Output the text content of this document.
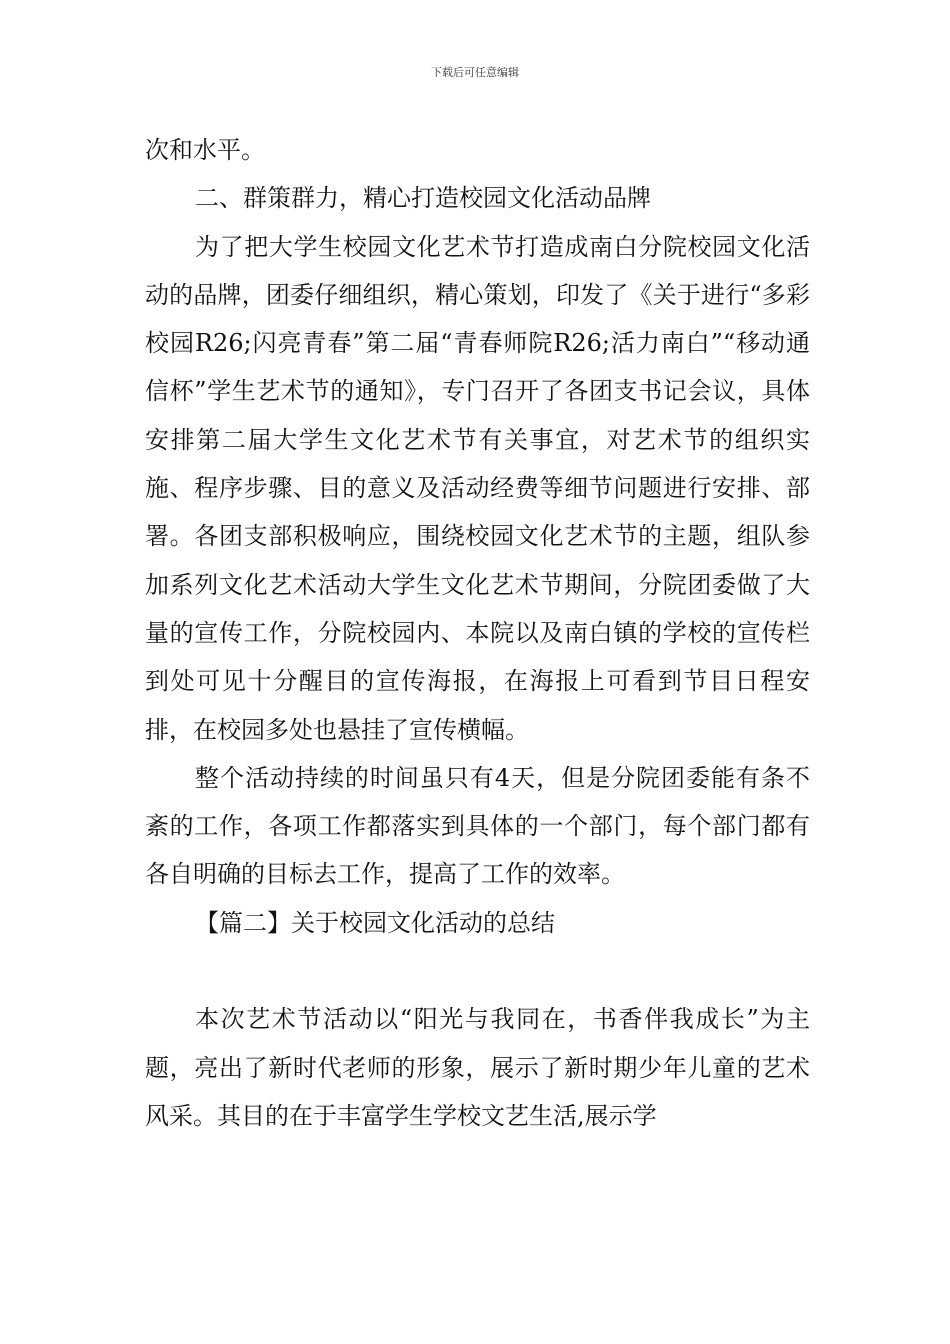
下载后可任意编辑

次和水平。

二、群策群力，精心打造校园文化活动品牌

为了把大学生校园文化艺术节打造成南白分院校园文化活动的品牌，团委仔细组织，精心策划，印发了《关于进行“多彩校园R26;闪亮青春”第二届“青春师院R26;活力南白”“移动通信杯”学生艺术节的通知》，专门召开了各团支书记会议，具体安排第二届大学生文化艺术节有关事宜，对艺术节的组织实施、程序步骤、目的意义及活动经费等细节问题进行安排、部署。各团支部积极响应，围绕校园文化艺术节的主题，组队参加系列文化艺术活动大学生文化艺术节期间，分院团委做了大量的宣传工作，分院校园内、本院以及南白镇的学校的宣传栏到处可见十分醒目的宣传海报，在海报上可看到节目日程安排，在校园多处也悬挂了宣传横幅。

整个活动持续的时间虽只有4天，但是分院团委能有条不紊的工作，各项工作都落实到具体的一个部门，每个部门都有各自明确的目标去工作，提高了工作的效率。

【篇二】关于校园文化活动的总结

本次艺术节活动以“阳光与我同在，书香伴我成长”为主题，亮出了新时代老师的形象，展示了新时期少年儿童的艺术风采。其目的在于丰富学生学校文艺生活,展示学
